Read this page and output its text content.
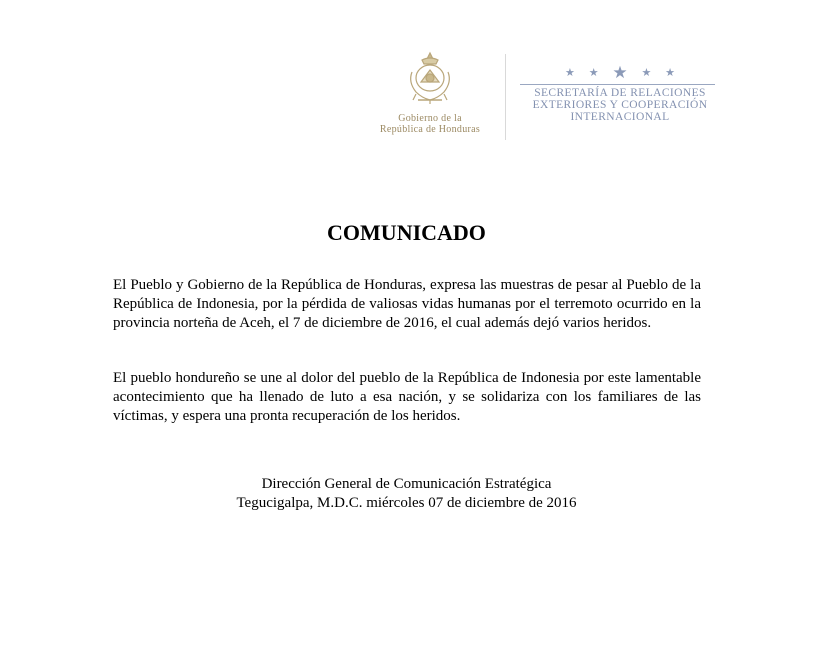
Gobierno de la
República de Honduras
★ ★ ★ ★ ★
SECRETARÍA DE RELACIONES
EXTERIORES Y COOPERACIÓN
INTERNACIONAL
COMUNICADO

El Pueblo y Gobierno de la República de Honduras, expresa las muestras de pesar al Pueblo de la República de Indonesia, por la pérdida de valiosas vidas humanas por el terremoto ocurrido en la provincia norteña de Aceh, el 7 de diciembre de 2016, el cual además dejó varios heridos.

El pueblo hondureño se une al dolor del pueblo de la República de Indonesia por este lamentable acontecimiento que ha llenado de luto a esa nación, y se solidariza con los familiares de las víctimas, y espera una pronta recuperación de los heridos.

Dirección General de Comunicación Estratégica
Tegucigalpa, M.D.C. miércoles 07 de diciembre de 2016
